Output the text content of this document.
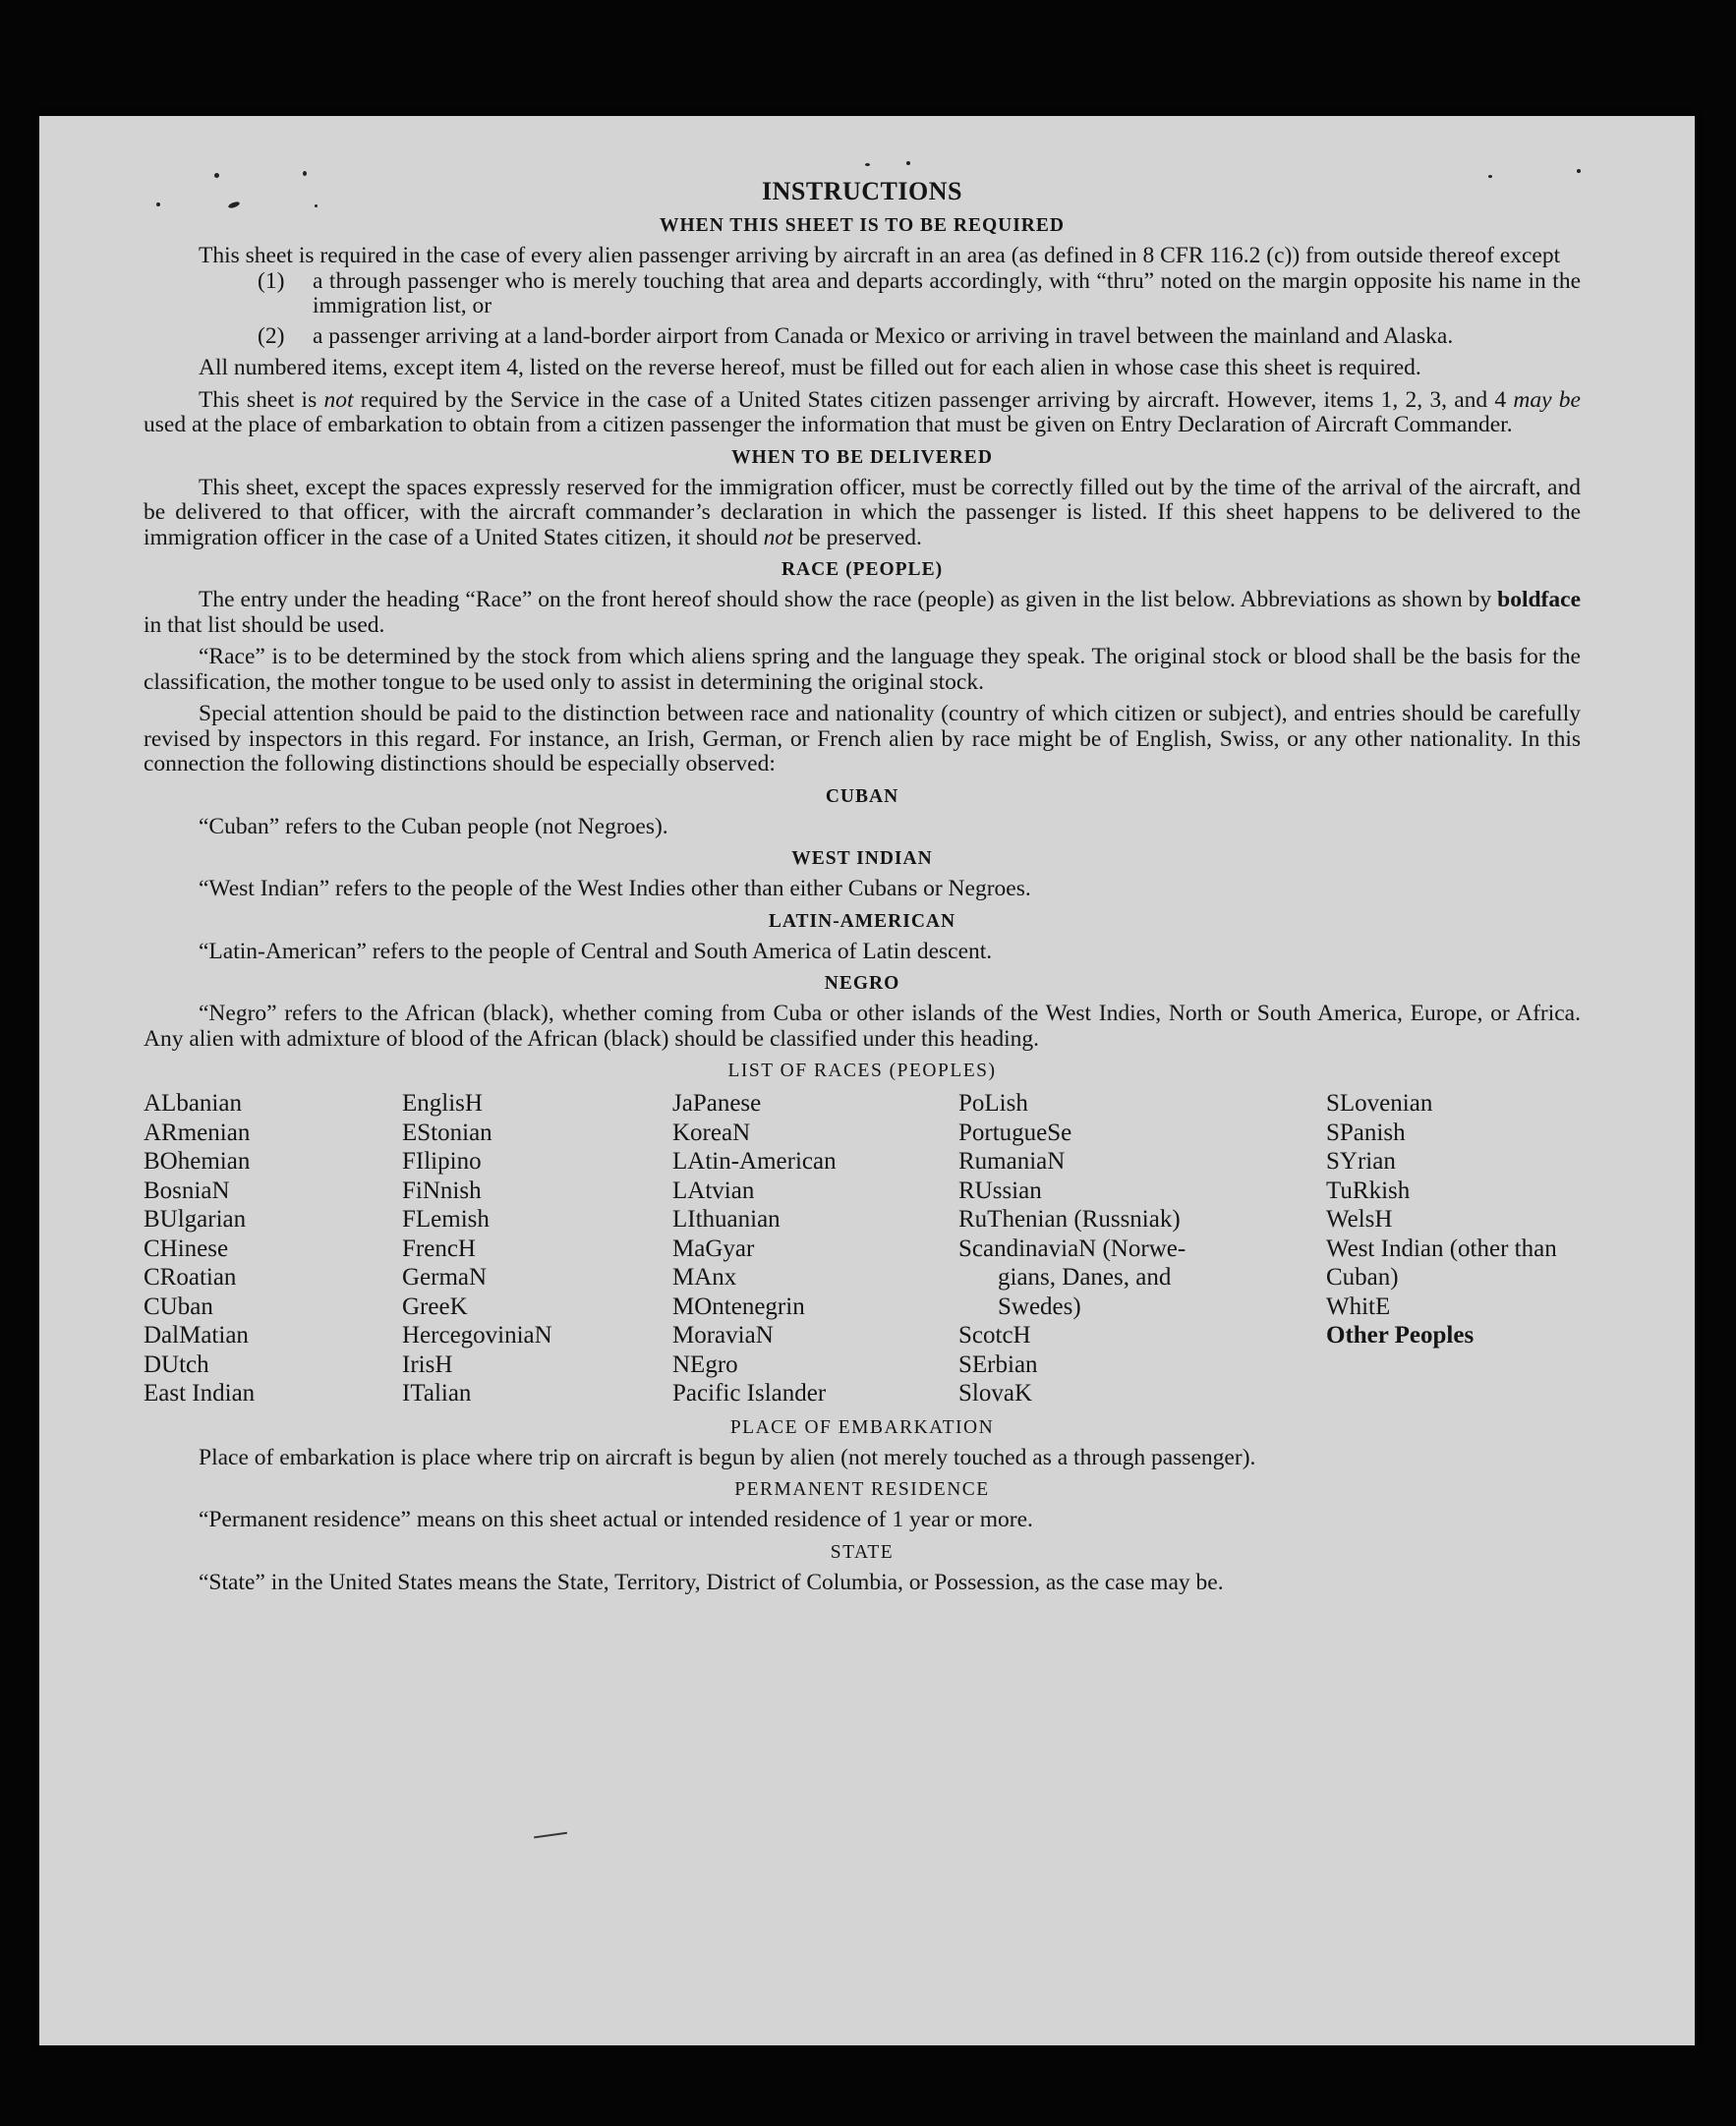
INSTRUCTIONS
WHEN THIS SHEET IS TO BE REQUIRED

This sheet is required in the case of every alien passenger arriving by aircraft in an area (as defined in 8 CFR 116.2 (c)) from outside thereof except

(1)	a through passenger who is merely touching that area and departs accordingly, with “thru” noted on the margin opposite his name in the immigration list, or
(2)	a passenger arriving at a land-border airport from Canada or Mexico or arriving in travel between the mainland and Alaska.

All numbered items, except item 4, listed on the reverse hereof, must be filled out for each alien in whose case this sheet is required.

This sheet is not required by the Service in the case of a United States citizen passenger arriving by aircraft. However, items 1, 2, 3, and 4 may be used at the place of embarkation to obtain from a citizen passenger the information that must be given on Entry Declaration of Aircraft Commander.

WHEN TO BE DELIVERED

This sheet, except the spaces expressly reserved for the immigration officer, must be correctly filled out by the time of the arrival of the aircraft, and be delivered to that officer, with the aircraft commander’s declaration in which the passenger is listed. If this sheet happens to be delivered to the immigration officer in the case of a United States citizen, it should not be preserved.

RACE (PEOPLE)

The entry under the heading “Race” on the front hereof should show the race (people) as given in the list below. Abbreviations as shown by boldface in that list should be used.

“Race” is to be determined by the stock from which aliens spring and the language they speak. The original stock or blood shall be the basis for the classification, the mother tongue to be used only to assist in determining the original stock.

Special attention should be paid to the distinction between race and nationality (country of which citizen or subject), and entries should be carefully revised by inspectors in this regard. For instance, an Irish, German, or French alien by race might be of English, Swiss, or any other nationality. In this connection the following distinctions should be especially observed:

CUBAN

“Cuban” refers to the Cuban people (not Negroes).

WEST INDIAN

“West Indian” refers to the people of the West Indies other than either Cubans or Negroes.

LATIN-AMERICAN

“Latin-American” refers to the people of Central and South America of Latin descent.

NEGRO

“Negro” refers to the African (black), whether coming from Cuba or other islands of the West Indies, North or South America, Europe, or Africa. Any alien with admixture of blood of the African (black) should be classified under this heading.

LIST OF RACES (PEOPLES)
ALbanian
ARmenian
BOhemian
BosniaN
BUlgarian
CHinese
CRoatian
CUban
DalMatian
DUtch
East Indian
EnglisH
EStonian
FIlipino
FiNnish
FLemish
FrencH
GermaN
GreeK
HercegoviniaN
IrisH
ITalian
JaPanese
KoreaN
LAtin-American
LAtvian
LIthuanian
MaGyar
MAnx
MOntenegrin
MoraviaN
NEgro
Pacific Islander
PoLish
PortugueSe
RumaniaN
RUssian
RuThenian (Russniak)
ScandinaviaN (Norwe-
gians, Danes, and
Swedes)
ScotcH
SErbian
SlovaK
SLovenian
SPanish
SYrian
TuRkish
WelsH
West Indian (other than Cuban)
WhitE
Other Peoples
PLACE OF EMBARKATION

Place of embarkation is place where trip on aircraft is begun by alien (not merely touched as a through passenger).

PERMANENT RESIDENCE

“Permanent residence” means on this sheet actual or intended residence of 1 year or more.

STATE

“State” in the United States means the State, Territory, District of Columbia, or Possession, as the case may be.
